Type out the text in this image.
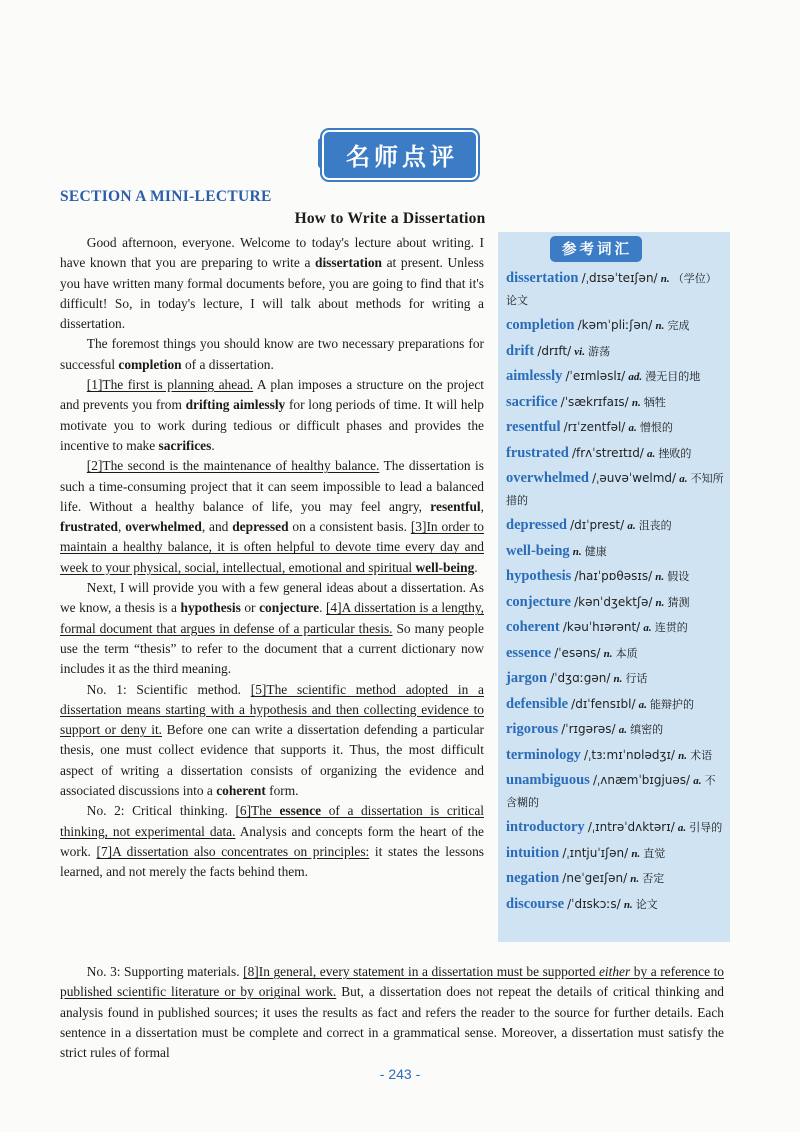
名师点评
SECTION A MINI-LECTURE
How to Write a Dissertation

Good afternoon, everyone. Welcome to today's lecture about writing. I have known that you are preparing to write a dissertation at present. Unless you have written many formal documents before, you are going to find that it's difficult! So, in today's lecture, I will talk about methods for writing a dissertation.

The foremost things you should know are two necessary preparations for successful completion of a dissertation.

[1]The first is planning ahead. A plan imposes a structure on the project and prevents you from drifting aimlessly for long periods of time. It will help motivate you to work during tedious or difficult phases and provides the incentive to make sacrifices.

[2]The second is the maintenance of healthy balance. The dissertation is such a time-consuming project that it can seem impossible to lead a balanced life. Without a healthy balance of life, you may feel angry, resentful, frustrated, overwhelmed, and depressed on a consistent basis. [3]In order to maintain a healthy balance, it is often helpful to devote time every day and week to your physical, social, intellectual, emotional and spiritual well-being.

Next, I will provide you with a few general ideas about a dissertation. As we know, a thesis is a hypothesis or conjecture. [4]A dissertation is a lengthy, formal document that argues in defense of a particular thesis. So many people use the term “thesis” to refer to the document that a current dictionary now includes it as the third meaning.

No. 1: Scientific method. [5]The scientific method adopted in a dissertation means starting with a hypothesis and then collecting evidence to support or deny it. Before one can write a dissertation defending a particular thesis, one must collect evidence that supports it. Thus, the most difficult aspect of writing a dissertation consists of organizing the evidence and associated discussions into a coherent form.

No. 2: Critical thinking. [6]The essence of a dissertation is critical thinking, not experimental data. Analysis and concepts form the heart of the work. [7]A dissertation also concentrates on principles: it states the lessons learned, and not merely the facts behind them.

参考词汇
dissertation /ˌdɪsəˈteɪʃən/ n. （学位）论文
completion /kəmˈpliːʃən/ n. 完成
drift /drɪft/ vi. 游荡
aimlessly /ˈeɪmləslɪ/ ad. 漫无目的地
sacrifice /ˈsækrɪfaɪs/ n. 牺牲
resentful /rɪˈzentfəl/ a. 憎恨的
frustrated /frʌˈstreɪtɪd/ a. 挫败的
overwhelmed /ˌəuvəˈwelmd/ a. 不知所措的
depressed /dɪˈprest/ a. 沮丧的
well-being n. 健康
hypothesis /haɪˈpɒθəsɪs/ n. 假设
conjecture /kənˈdʒektʃə/ n. 猜测
coherent /kəuˈhɪərənt/ a. 连贯的
essence /ˈesəns/ n. 本质
jargon /ˈdʒɑːgən/ n. 行话
defensible /dɪˈfensɪbl/ a. 能辩护的
rigorous /ˈrɪgərəs/ a. 缜密的
terminology /ˌtɜːmɪˈnɒlədʒɪ/ n. 术语
unambiguous /ˌʌnæmˈbɪgjuəs/ a. 不含糊的
introductory /ˌɪntrəˈdʌktərɪ/ a. 引导的
intuition /ˌɪntjuˈɪʃən/ n. 直觉
negation /neˈgeɪʃən/ n. 否定
discourse /ˈdɪskɔːs/ n. 论文

No. 3: Supporting materials. [8]In general, every statement in a dissertation must be supported either by a reference to published scientific literature or by original work. But, a dissertation does not repeat the details of critical thinking and analysis found in published sources; it uses the results as fact and refers the reader to the source for further details. Each sentence in a dissertation must be complete and correct in a grammatical sense. Moreover, a dissertation must satisfy the strict rules of formal

- 243 -
